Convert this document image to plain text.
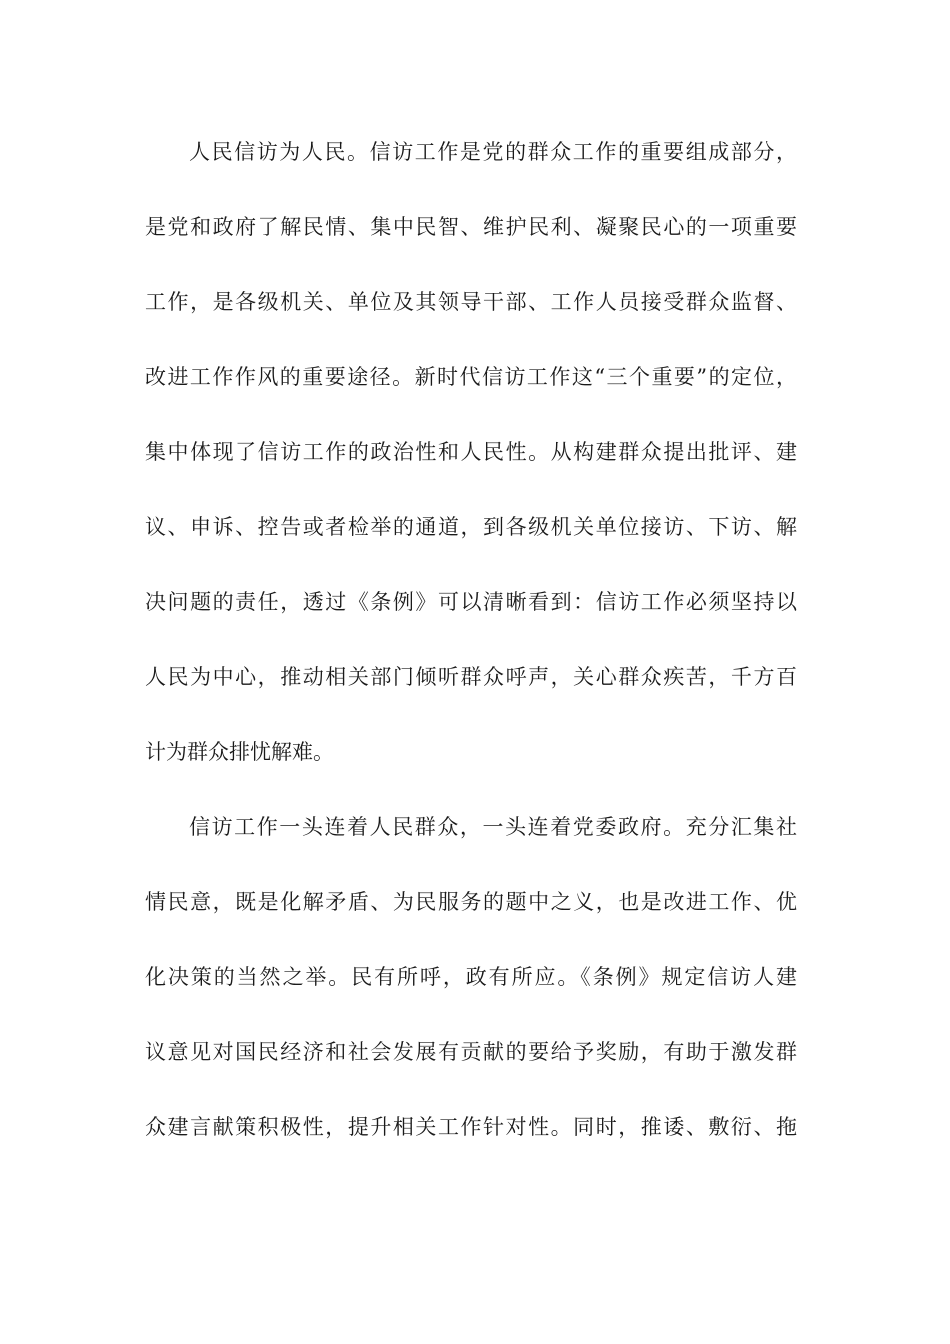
人民信访为人民。信访工作是党的群众工作的重要组成部分，
是党和政府了解民情、集中民智、维护民利、凝聚民心的一项重要
工作，是各级机关、单位及其领导干部、工作人员接受群众监督、
改进工作作风的重要途径。新时代信访工作这“三个重要”的定位，
集中体现了信访工作的政治性和人民性。从构建群众提出批评、建
议、申诉、控告或者检举的通道，到各级机关单位接访、下访、解
决问题的责任，透过《条例》可以清晰看到：信访工作必须坚持以
人民为中心，推动相关部门倾听群众呼声，关心群众疾苦，千方百
计为群众排忧解难。
信访工作一头连着人民群众，一头连着党委政府。充分汇集社
情民意，既是化解矛盾、为民服务的题中之义，也是改进工作、优
化决策的当然之举。民有所呼，政有所应。《条例》规定信访人建
议意见对国民经济和社会发展有贡献的要给予奖励，有助于激发群
众建言献策积极性，提升相关工作针对性。同时，推诿、敷衍、拖
